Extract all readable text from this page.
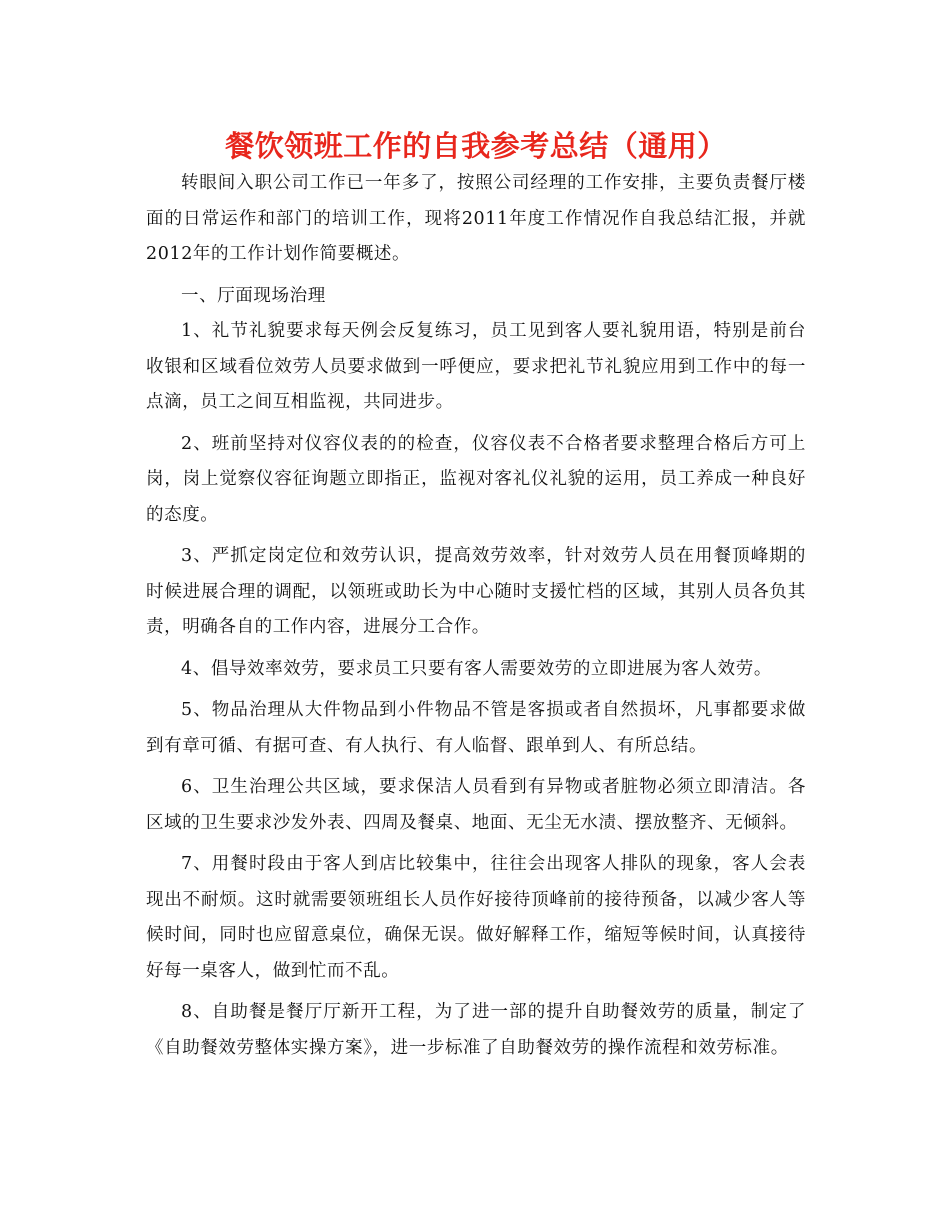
餐饮领班工作的自我参考总结（通用）

转眼间入职公司工作已一年多了，按照公司经理的工作安排，主要负责餐厅楼面的日常运作和部门的培训工作，现将2011年度工作情况作自我总结汇报，并就2012年的工作计划作简要概述。

一、厅面现场治理

1、礼节礼貌要求每天例会反复练习，员工见到客人要礼貌用语，特别是前台收银和区域看位效劳人员要求做到一呼便应，要求把礼节礼貌应用到工作中的每一点滴，员工之间互相监视，共同进步。

2、班前坚持对仪容仪表的的检查，仪容仪表不合格者要求整理合格后方可上岗，岗上觉察仪容征询题立即指正，监视对客礼仪礼貌的运用，员工养成一种良好的态度。

3、严抓定岗定位和效劳认识，提高效劳效率，针对效劳人员在用餐顶峰期的时候进展合理的调配，以领班或助长为中心随时支援忙档的区域，其别人员各负其责，明确各自的工作内容，进展分工合作。

4、倡导效率效劳，要求员工只要有客人需要效劳的立即进展为客人效劳。

5、物品治理从大件物品到小件物品不管是客损或者自然损坏，凡事都要求做到有章可循、有据可查、有人执行、有人临督、跟单到人、有所总结。

6、卫生治理公共区域，要求保洁人员看到有异物或者脏物必须立即清洁。各区域的卫生要求沙发外表、四周及餐桌、地面、无尘无水渍、摆放整齐、无倾斜。

7、用餐时段由于客人到店比较集中，往往会出现客人排队的现象，客人会表现出不耐烦。这时就需要领班组长人员作好接待顶峰前的接待预备，以减少客人等候时间，同时也应留意桌位，确保无误。做好解释工作，缩短等候时间，认真接待好每一桌客人，做到忙而不乱。

8、自助餐是餐厅厅新开工程，为了进一部的提升自助餐效劳的质量，制定了《自助餐效劳整体实操方案》，进一步标准了自助餐效劳的操作流程和效劳标准。
